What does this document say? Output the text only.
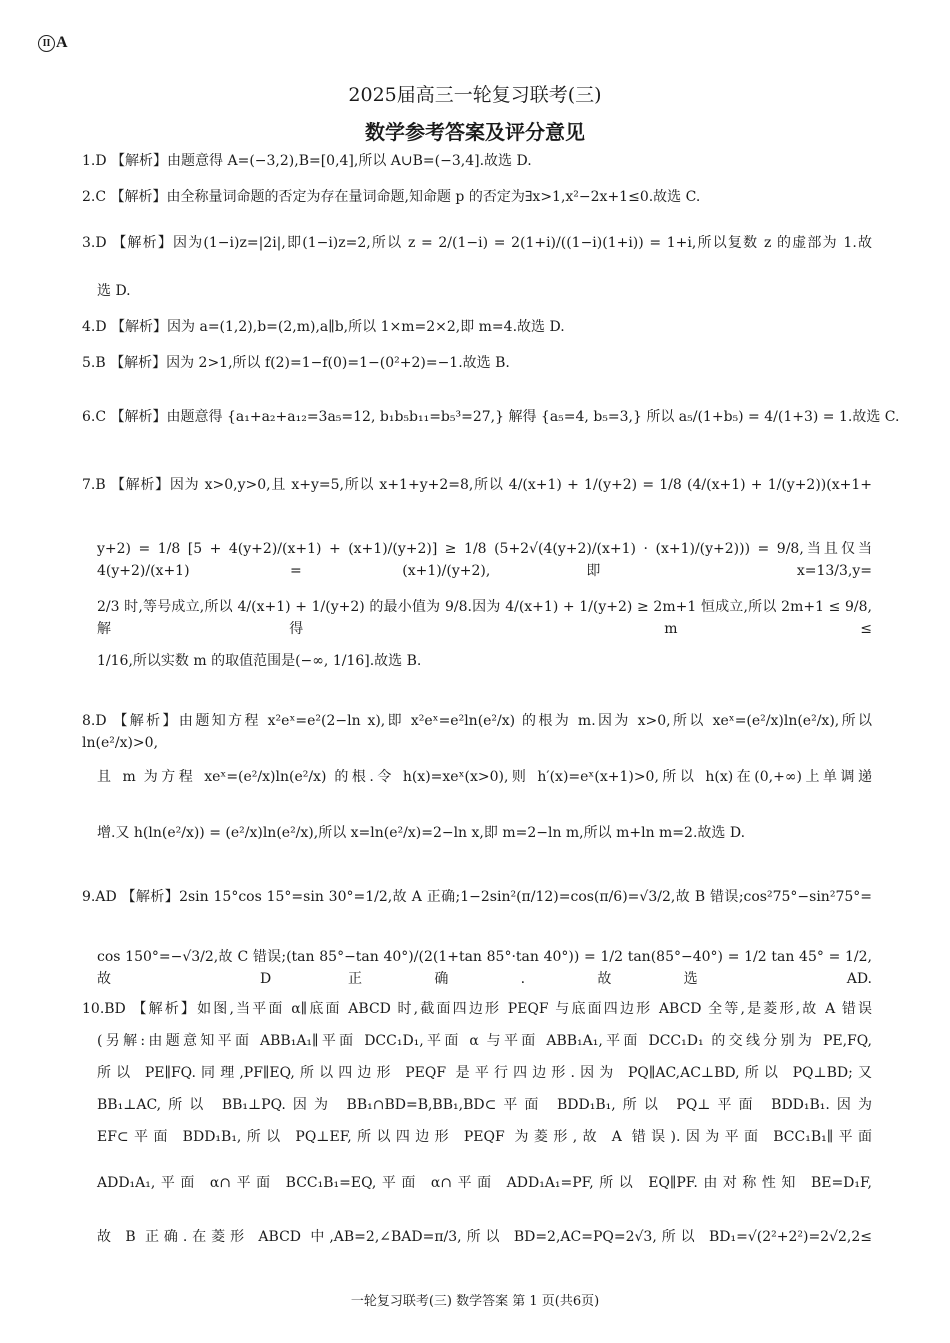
II A
2025届高三一轮复习联考(三)
数学参考答案及评分意见
1.D 【解析】由题意得 A=(−3,2),B=[0,4],所以 A∪B=(−3,4].故选 D.
2.C 【解析】由全称量词命题的否定为存在量词命题,知命题 p 的否定为∃x>1,x²−2x+1≤0.故选 C.
3.D 【解析】因为(1−i)z=|2i|,即(1−i)z=2,所以 z = 2/(1−i) = 2(1+i)/((1−i)(1+i)) = 1+i,所以复数 z 的虚部为 1.故
选 D.
4.D 【解析】因为 a=(1,2),b=(2,m),a∥b,所以 1×m=2×2,即 m=4.故选 D.
5.B 【解析】因为 2>1,所以 f(2)=1−f(0)=1−(0²+2)=−1.故选 B.
6.C 【解析】由题意得 {a₁+a₂+a₁₂=3a₅=12, b₁b₅b₁₁=b₅³=27,} 解得 {a₅=4, b₅=3,} 所以 a₅/(1+b₅) = 4/(1+3) = 1.故选 C.
7.B 【解析】因为 x>0,y>0,且 x+y=5,所以 x+1+y+2=8,所以 4/(x+1) + 1/(y+2) = 1/8 (4/(x+1) + 1/(y+2))(x+1+
y+2) = 1/8 [5 + 4(y+2)/(x+1) + (x+1)/(y+2)] ≥ 1/8 (5+2√(4(y+2)/(x+1) · (x+1)/(y+2))) = 9/8,当且仅当 4(y+2)/(x+1) = (x+1)/(y+2),即 x=13/3,y=
2/3 时,等号成立,所以 4/(x+1) + 1/(y+2) 的最小值为 9/8.因为 4/(x+1) + 1/(y+2) ≥ 2m+1 恒成立,所以 2m+1 ≤ 9/8,解得 m ≤
1/16,所以实数 m 的取值范围是(−∞, 1/16].故选 B.
8.D 【解析】由题知方程 x²eˣ=e²(2−ln x),即 x²eˣ=e²ln(e²/x) 的根为 m.因为 x>0,所以 xeˣ=(e²/x)ln(e²/x),所以 ln(e²/x)>0,
且 m 为方程 xeˣ=(e²/x)ln(e²/x) 的根.令 h(x)=xeˣ(x>0),则 h′(x)=eˣ(x+1)>0,所以 h(x)在(0,+∞)上单调递
增.又 h(ln(e²/x)) = (e²/x)ln(e²/x),所以 x=ln(e²/x)=2−ln x,即 m=2−ln m,所以 m+ln m=2.故选 D.
9.AD 【解析】2sin 15°cos 15°=sin 30°=1/2,故 A 正确;1−2sin²(π/12)=cos(π/6)=√3/2,故 B 错误;cos²75°−sin²75°=
cos 150°=−√3/2,故 C 错误;(tan 85°−tan 40°)/(2(1+tan 85°·tan 40°)) = 1/2 tan(85°−40°) = 1/2 tan 45° = 1/2,故 D 正确.故选 AD.
10.BD 【解析】如图,当平面 α∥底面 ABCD 时,截面四边形 PEQF 与底面四边形 ABCD 全等,是菱形,故 A 错误
(另解:由题意知平面 ABB₁A₁∥平面 DCC₁D₁,平面 α 与平面 ABB₁A₁,平面 DCC₁D₁ 的交线分别为 PE,FQ,
所以 PE∥FQ.同理,PF∥EQ,所以四边形 PEQF 是平行四边形.因为 PQ∥AC,AC⊥BD,所以 PQ⊥BD;又
BB₁⊥AC,所以 BB₁⊥PQ.因为 BB₁∩BD=B,BB₁,BD⊂平面 BDD₁B₁,所以 PQ⊥平面 BDD₁B₁.因为
EF⊂平面 BDD₁B₁,所以 PQ⊥EF,所以四边形 PEQF 为菱形,故 A 错误).因为平面 BCC₁B₁∥平面
ADD₁A₁,平面 α∩平面 BCC₁B₁=EQ,平面 α∩平面 ADD₁A₁=PF,所以 EQ∥PF.由对称性知 BE=D₁F,
故 B 正确.在菱形 ABCD 中,AB=2,∠BAD=π/3,所以 BD=2,AC=PQ=2√3,所以 BD₁=√(2²+2²)=2√2,2≤
一轮复习联考(三) 数学答案 第 1 页(共6页)
